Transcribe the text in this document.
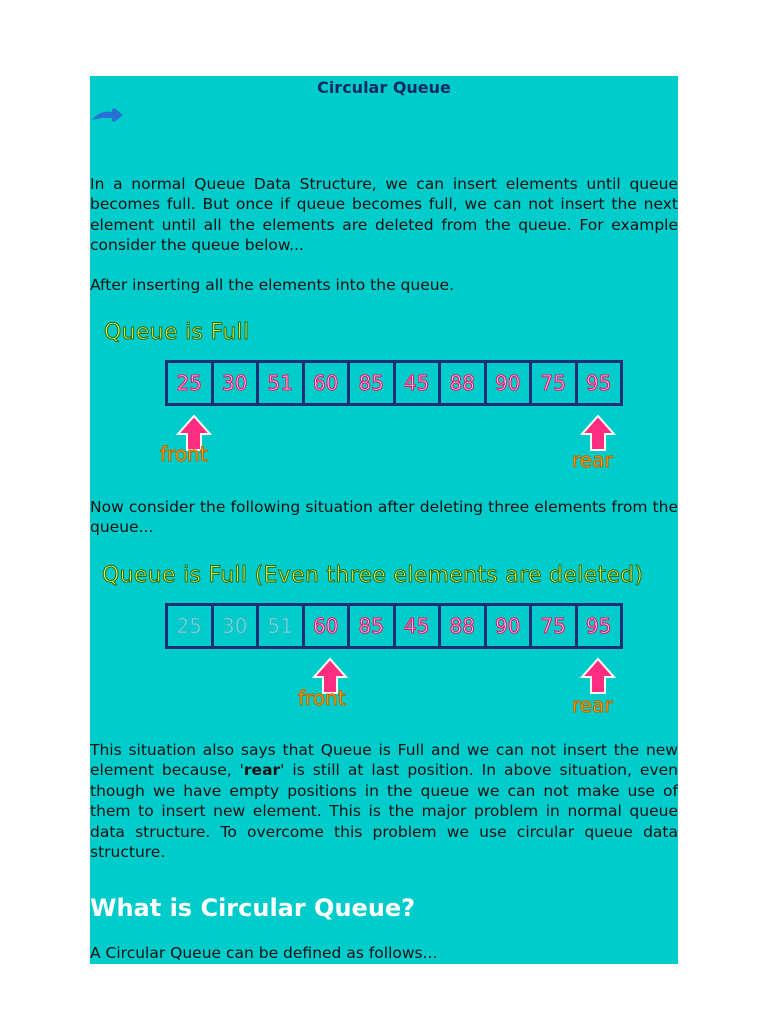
Circular Queue

In a normal Queue Data Structure, we can insert elements until queue becomes full. But once if queue becomes full, we can not insert the next element until all the elements are deleted from the queue. For example consider the queue below...

After inserting all the elements into the queue.

Queue is Full
25	30	51	60	85	45	88	90	75	95
front	rear

Now consider the following situation after deleting three elements from the queue...

Queue is Full (Even three elements are deleted)
25	30	51	60	85	45	88	90	75	95
front	rear

This situation also says that Queue is Full and we can not insert the new element because, 'rear' is still at last position. In above situation, even though we have empty positions in the queue we can not make use of them to insert new element. This is the major problem in normal queue data structure. To overcome this problem we use circular queue data structure.

What is Circular Queue?

A Circular Queue can be defined as follows...
